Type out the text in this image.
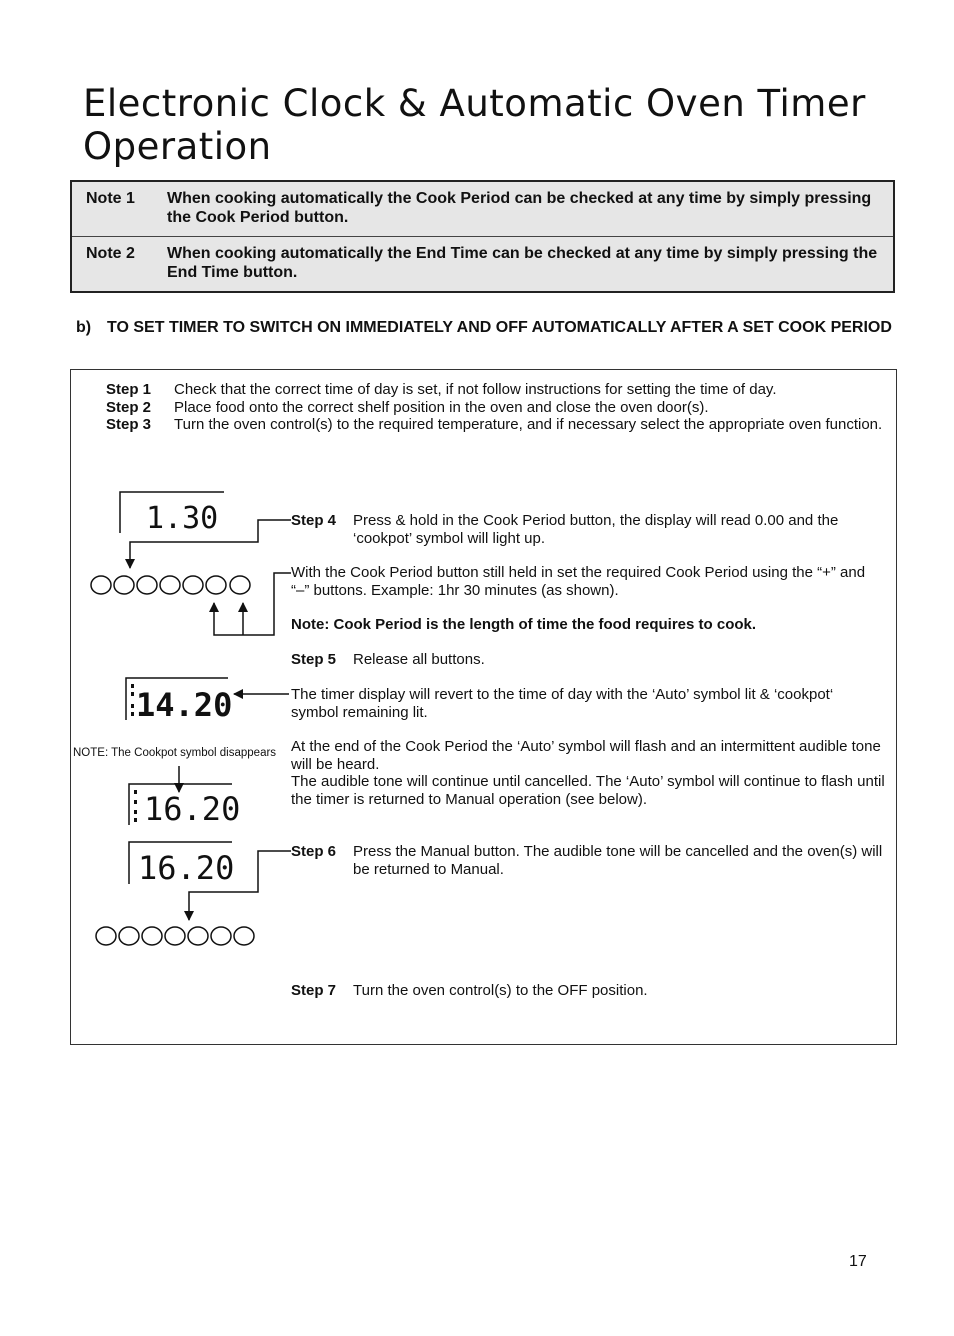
Electronic Clock & Automatic Oven Timer Operation
Note 1	When cooking automatically the Cook Period can be checked at any time by simply pressing the Cook Period button.
Note 2	When cooking automatically the End Time can be checked at any time by simply pressing the End Time button.
b) TO SET TIMER TO SWITCH ON IMMEDIATELY AND OFF AUTOMATICALLY AFTER A SET COOK PERIOD
Step 1	Check that the correct time of day is set, if not follow instructions for setting the time of day.
Step 2	Place food onto the correct shelf position in the oven and close the oven door(s).
Step 3	Turn the oven control(s) to the required temperature, and if necessary select the appropriate oven function.
Step 4	Press & hold in the Cook Period button, the display will read 0.00 and the ‘cookpot’ symbol will light up.
With the Cook Period button still held in set the required Cook Period using the “+” and “–” buttons. Example: 1hr 30 minutes (as shown).
Note: Cook Period is the length of time the food requires to cook.
Step 5	Release all buttons.
The timer display will revert to the time of day with the ‘Auto’ symbol lit & ‘cookpot‘ symbol remaining lit.
At the end of the Cook Period the ‘Auto’ symbol will flash and an intermittent audible tone will be heard.
The audible tone will continue until cancelled. The ‘Auto’ symbol will continue to flash until the timer is returned to Manual operation (see below).
Step 6	Press the Manual button. The audible tone will be cancelled and the oven(s) will be returned to Manual.
Step 7	Turn the oven control(s) to the OFF position.
NOTE: The Cookpot symbol disappears
1.30
14.20
16.20
16.20
17
